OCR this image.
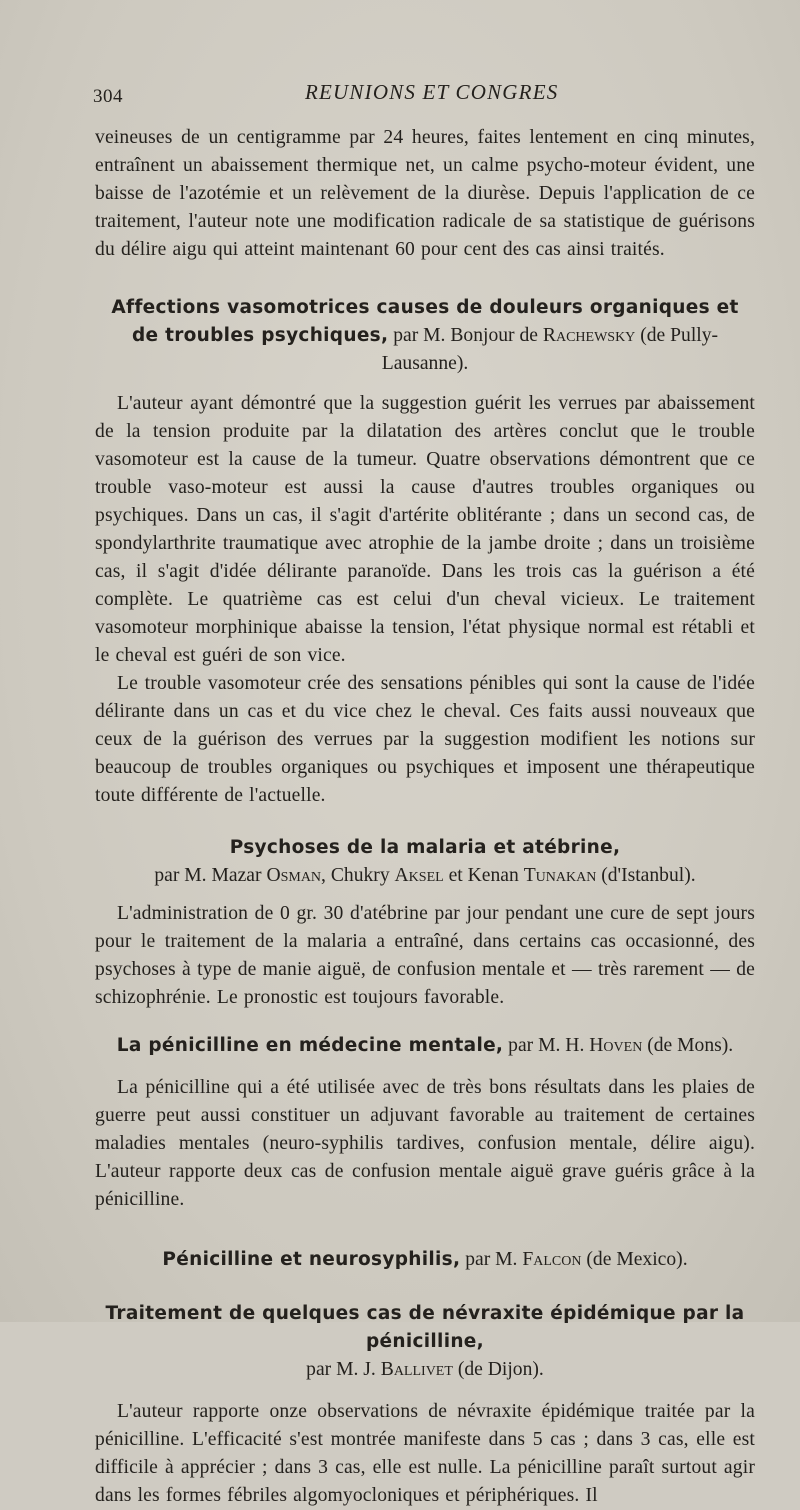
304	REUNIONS ET CONGRES

veineuses de un centigramme par 24 heures, faites lentement en cinq minutes, entraînent un abaissement thermique net, un calme psycho-moteur évident, une baisse de l'azotémie et un relèvement de la diurèse. Depuis l'application de ce traitement, l'auteur note une modification radicale de sa statistique de guérisons du délire aigu qui atteint maintenant 60 pour cent des cas ainsi traités.

Affections vasomotrices causes de douleurs organiques et de troubles psychiques, par M. Bonjour de Rachewsky (de Pully-Lausanne).

L'auteur ayant démontré que la suggestion guérit les verrues par abaissement de la tension produite par la dilatation des artères conclut que le trouble vasomoteur est la cause de la tumeur. Quatre observations démontrent que ce trouble vaso-moteur est aussi la cause d'autres troubles organiques ou psychiques. Dans un cas, il s'agit d'artérite oblitérante ; dans un second cas, de spondylarthrite traumatique avec atrophie de la jambe droite ; dans un troisième cas, il s'agit d'idée délirante paranoïde. Dans les trois cas la guérison a été complète. Le quatrième cas est celui d'un cheval vicieux. Le traitement vasomoteur morphinique abaisse la tension, l'état physique normal est rétabli et le cheval est guéri de son vice.

Le trouble vasomoteur crée des sensations pénibles qui sont la cause de l'idée délirante dans un cas et du vice chez le cheval. Ces faits aussi nouveaux que ceux de la guérison des verrues par la suggestion modifient les notions sur beaucoup de troubles organiques ou psychiques et imposent une thérapeutique toute différente de l'actuelle.

Psychoses de la malaria et atébrine,
par M. Mazar Osman, Chukry Aksel et Kenan Tunakan (d'Istanbul).

L'administration de 0 gr. 30 d'atébrine par jour pendant une cure de sept jours pour le traitement de la malaria a entraîné, dans certains cas occasionné, des psychoses à type de manie aiguë, de confusion mentale et — très rarement — de schizophrénie. Le pronostic est toujours favorable.

La pénicilline en médecine mentale, par M. H. Hoven (de Mons).

La pénicilline qui a été utilisée avec de très bons résultats dans les plaies de guerre peut aussi constituer un adjuvant favorable au traitement de certaines maladies mentales (neuro-syphilis tardives, confusion mentale, délire aigu). L'auteur rapporte deux cas de confusion mentale aiguë grave guéris grâce à la pénicilline.

Pénicilline et neurosyphilis, par M. Falcon (de Mexico).
Traitement de quelques cas de névraxite épidémique par la pénicilline,
par M. J. Ballivet (de Dijon).

L'auteur rapporte onze observations de névraxite épidémique traitée par la pénicilline. L'efficacité s'est montrée manifeste dans 5 cas ; dans 3 cas, elle est difficile à apprécier ; dans 3 cas, elle est nulle. La pénicilline paraît surtout agir dans les formes fébriles algomyocloniques et périphériques. Il
